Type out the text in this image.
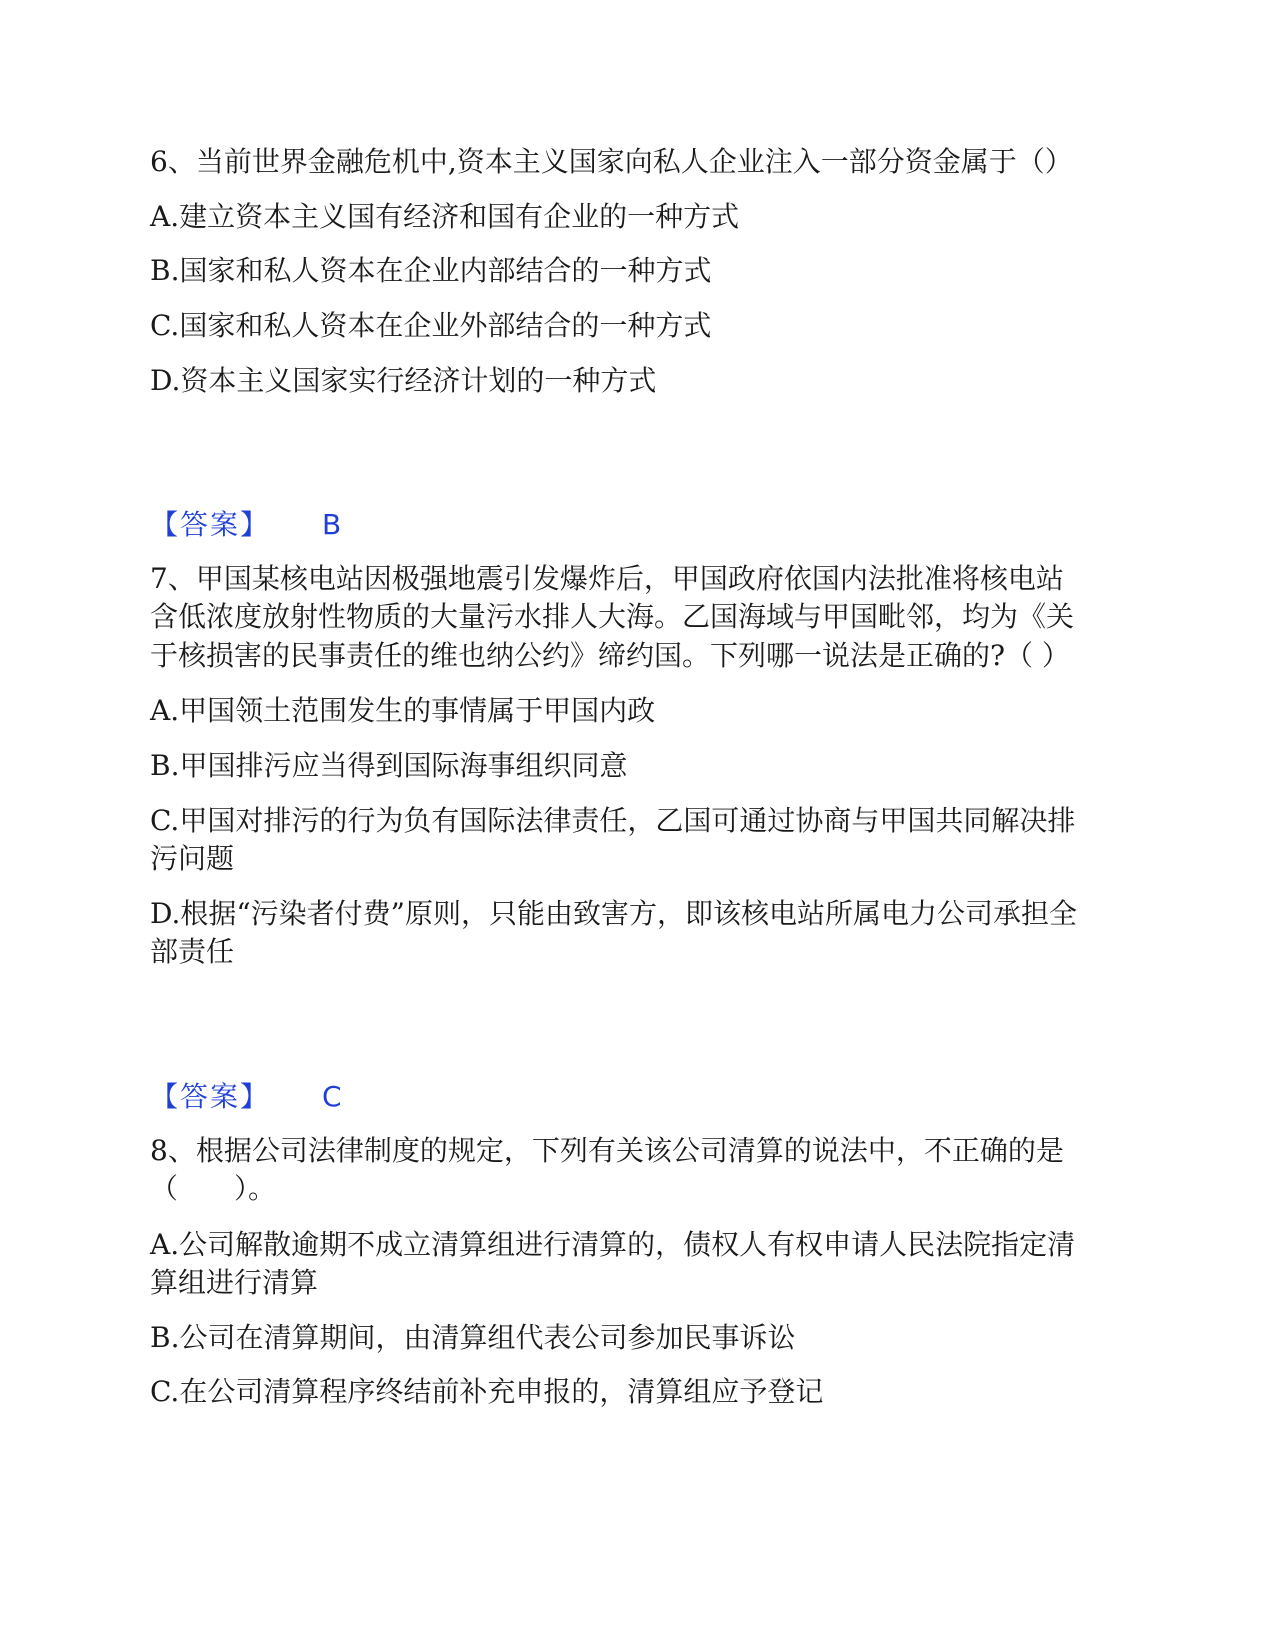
6、当前世界金融危机中,资本主义国家向私人企业注入一部分资金属于（）

A.建立资本主义国有经济和国有企业的一种方式

B.国家和私人资本在企业内部结合的一种方式

C.国家和私人资本在企业外部结合的一种方式

D.资本主义国家实行经济计划的一种方式

【答案】 B

7、甲国某核电站因极强地震引发爆炸后，甲国政府依国内法批准将核电站

含低浓度放射性物质的大量污水排人大海。乙国海域与甲国毗邻，均为《关

于核损害的民事责任的维也纳公约》缔约国。下列哪一说法是正确的?（ ）

A.甲国领土范围发生的事情属于甲国内政

B.甲国排污应当得到国际海事组织同意

C.甲国对排污的行为负有国际法律责任，乙国可通过协商与甲国共同解决排

污问题

D.根据“污染者付费”原则，只能由致害方，即该核电站所属电力公司承担全

部责任

【答案】 C

8、根据公司法律制度的规定，下列有关该公司清算的说法中，不正确的是

（　　）。

A.公司解散逾期不成立清算组进行清算的，债权人有权申请人民法院指定清

算组进行清算

B.公司在清算期间，由清算组代表公司参加民事诉讼

C.在公司清算程序终结前补充申报的，清算组应予登记
